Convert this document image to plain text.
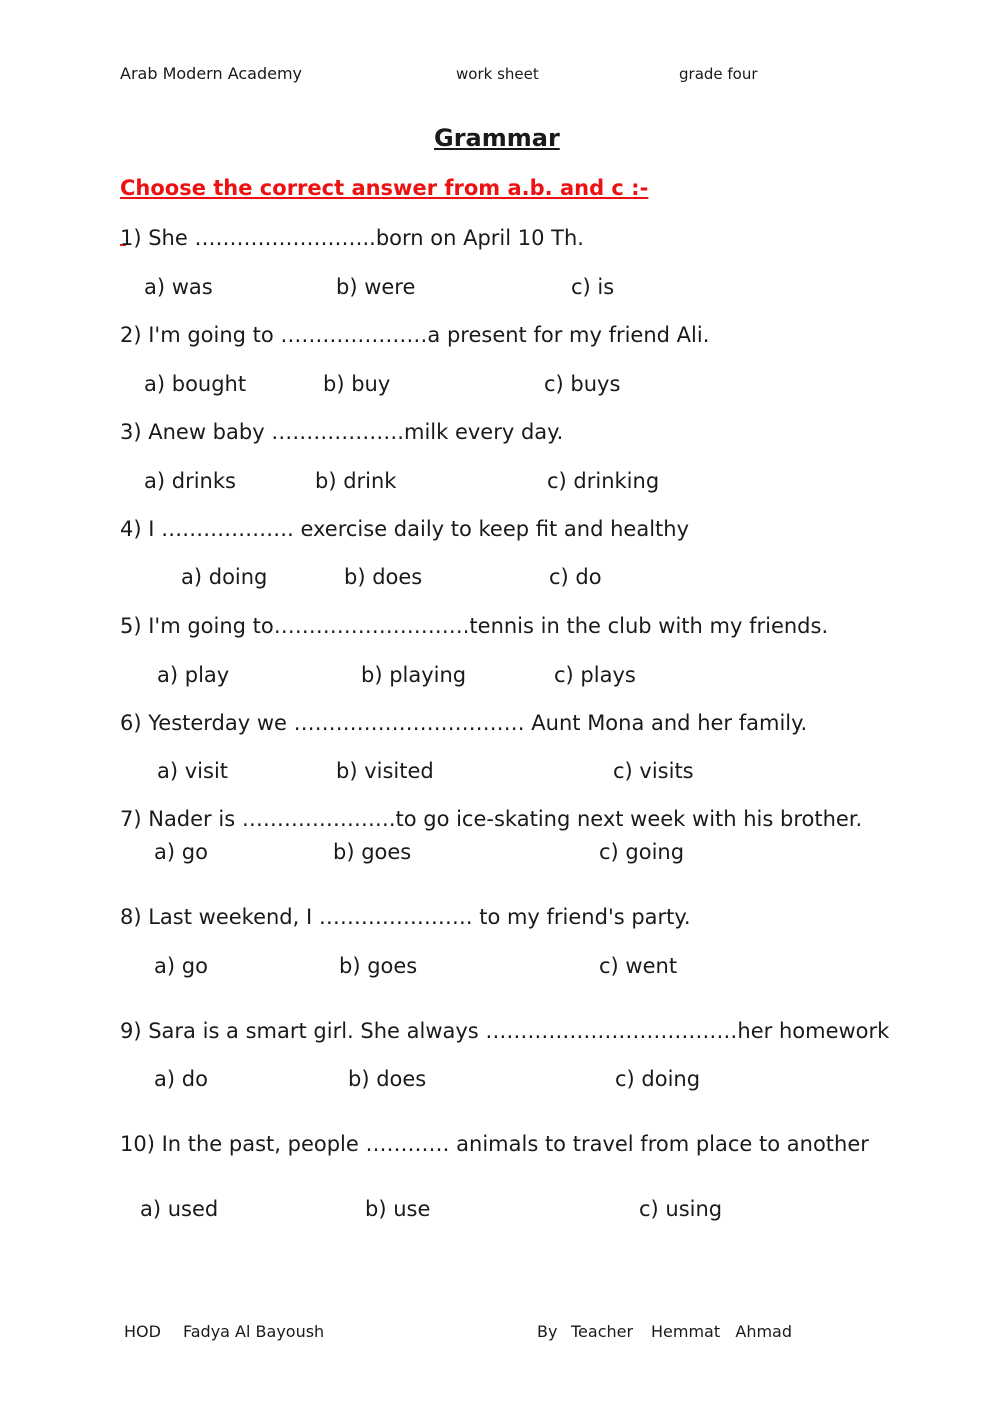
Arab Modern Academy	work sheet	grade four
Grammar
Choose the correct answer from a.b. and c :-
1) She ……………………..born on April 10 Th.
a) was	b) were	c) is
2) I'm going to …………………a present for my friend Ali.
a) bought	b) buy	c) buys
3) Anew baby ……………….milk every day.
a) drinks	b) drink	c) drinking
4) I ………………. exercise daily to keep fit and healthy
a) doing	b) does	c) do
5) I'm going to……………………….tennis in the club with my friends.
a) play	b) playing	c) plays
6) Yesterday we …………………………… Aunt Mona and her family.
a) visit	b) visited	c) visits
7) Nader is ………………….to go ice-skating next week with his brother.
a) go	b) goes	c) going
8) Last weekend, I …………………. to my friend's party.
a) go	b) goes	c) went
9) Sara is a smart girl. She always ………………………………her homework
a) do	b) does	c) doing
10) In the past, people ………… animals to travel from place to another
a) used	b) use	c) using
HOD Fadya Al Bayoush	By Teacher Hemmat   Ahmad
